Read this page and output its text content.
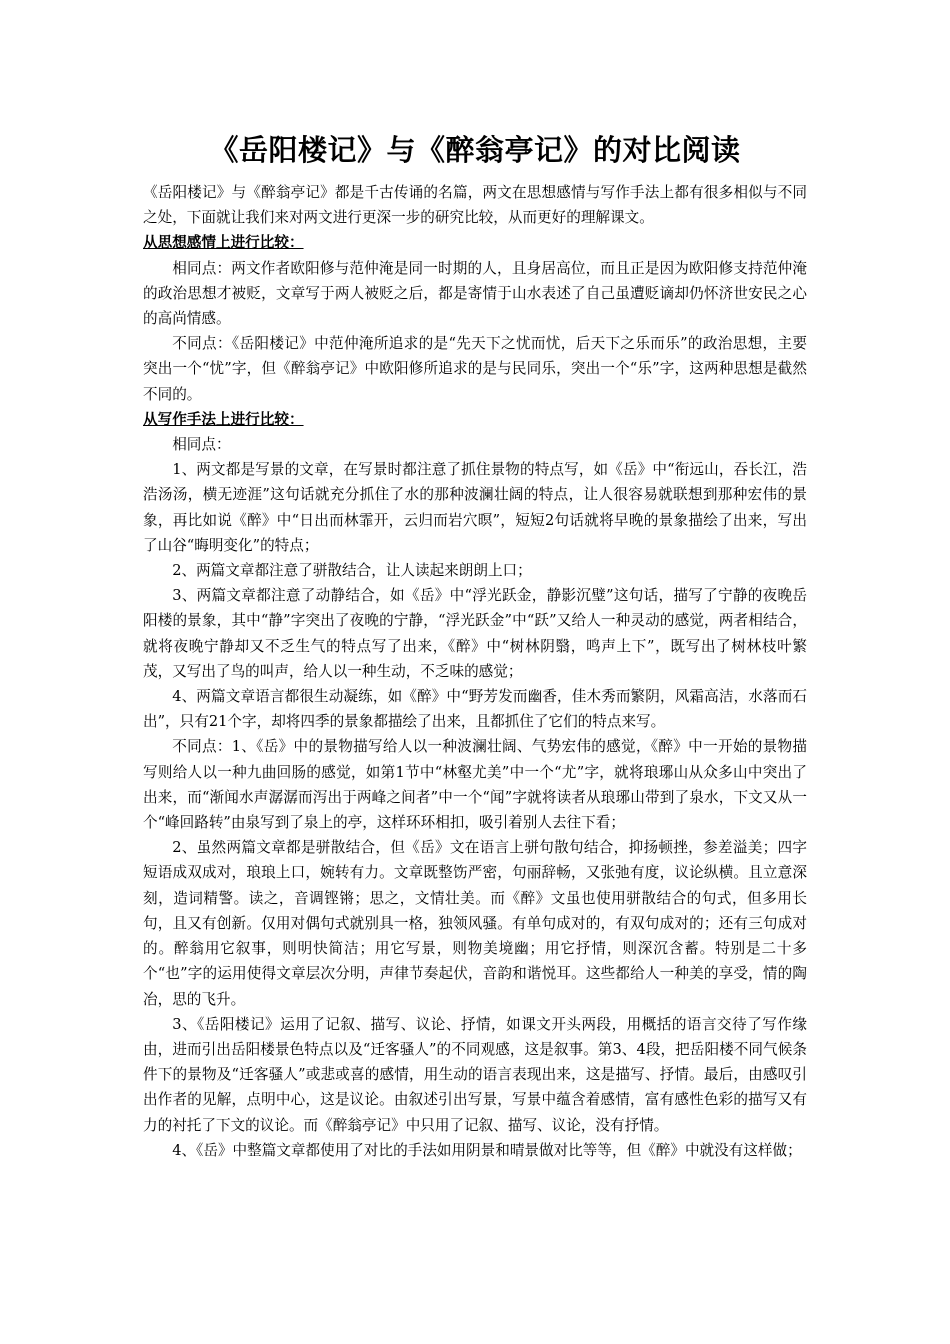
《岳阳楼记》与《醉翁亭记》的对比阅读

《岳阳楼记》与《醉翁亭记》都是千古传诵的名篇，两文在思想感情与写作手法上都有很多相似与不同之处，下面就让我们来对两文进行更深一步的研究比较，从而更好的理解课文。

从思想感情上进行比较：

相同点：两文作者欧阳修与范仲淹是同一时期的人，且身居高位，而且正是因为欧阳修支持范仲淹的政治思想才被贬，文章写于两人被贬之后，都是寄情于山水表述了自己虽遭贬谪却仍怀济世安民之心的高尚情感。

不同点：《岳阳楼记》中范仲淹所追求的是“先天下之忧而忧，后天下之乐而乐”的政治思想，主要突出一个“忧”字，但《醉翁亭记》中欧阳修所追求的是与民同乐，突出一个“乐”字，这两种思想是截然不同的。

从写作手法上进行比较：

相同点：

1、两文都是写景的文章，在写景时都注意了抓住景物的特点写，如《岳》中“衔远山，吞长江，浩浩汤汤，横无迹涯”这句话就充分抓住了水的那种波澜壮阔的特点，让人很容易就联想到那种宏伟的景象，再比如说《醉》中“日出而林霏开，云归而岩穴暝”，短短2句话就将早晚的景象描绘了出来，写出了山谷“晦明变化”的特点；

2、两篇文章都注意了骈散结合，让人读起来朗朗上口；

3、两篇文章都注意了动静结合，如《岳》中“浮光跃金，静影沉璧”这句话，描写了宁静的夜晚岳阳楼的景象，其中“静”字突出了夜晚的宁静，“浮光跃金”中“跃”又给人一种灵动的感觉，两者相结合，就将夜晚宁静却又不乏生气的特点写了出来，《醉》中“树林阴翳，鸣声上下”，既写出了树林枝叶繁茂，又写出了鸟的叫声，给人以一种生动，不乏味的感觉；

4、两篇文章语言都很生动凝练，如《醉》中“野芳发而幽香，佳木秀而繁阴，风霜高洁，水落而石出”，只有21个字，却将四季的景象都描绘了出来，且都抓住了它们的特点来写。

不同点：1、《岳》中的景物描写给人以一种波澜壮阔、气势宏伟的感觉，《醉》中一开始的景物描写则给人以一种九曲回肠的感觉，如第1节中“林壑尤美”中一个“尤”字，就将琅琊山从众多山中突出了出来，而“渐闻水声潺潺而泻出于两峰之间者”中一个“闻”字就将读者从琅琊山带到了泉水，下文又从一个“峰回路转”由泉写到了泉上的亭，这样环环相扣，吸引着别人去往下看；

2、虽然两篇文章都是骈散结合，但《岳》文在语言上骈句散句结合，抑扬顿挫，参差溢美；四字短语成双成对，琅琅上口，婉转有力。文章既整饬严密，句丽辞畅，又张弛有度，议论纵横。且立意深刻，造词精警。读之，音调铿锵；思之，文情壮美。而《醉》文虽也使用骈散结合的句式，但多用长句，且又有创新。仅用对偶句式就别具一格，独领风骚。有单句成对的，有双句成对的；还有三句成对的。醉翁用它叙事，则明快简洁；用它写景，则物美境幽；用它抒情，则深沉含蓄。特别是二十多个“也”字的运用使得文章层次分明，声律节奏起伏，音韵和谐悦耳。这些都给人一种美的享受，情的陶冶，思的飞升。

3、《岳阳楼记》运用了记叙、描写、议论、抒情，如课文开头两段，用概括的语言交待了写作缘由，进而引出岳阳楼景色特点以及“迁客骚人”的不同观感，这是叙事。第3、4段，把岳阳楼不同气候条件下的景物及“迁客骚人”或悲或喜的感情，用生动的语言表现出来，这是描写、抒情。最后，由感叹引出作者的见解，点明中心，这是议论。由叙述引出写景，写景中蕴含着感情，富有感性色彩的描写又有力的衬托了下文的议论。而《醉翁亭记》中只用了记叙、描写、议论，没有抒情。

4、《岳》中整篇文章都使用了对比的手法如用阴景和晴景做对比等等，但《醉》中就没有这样做；
